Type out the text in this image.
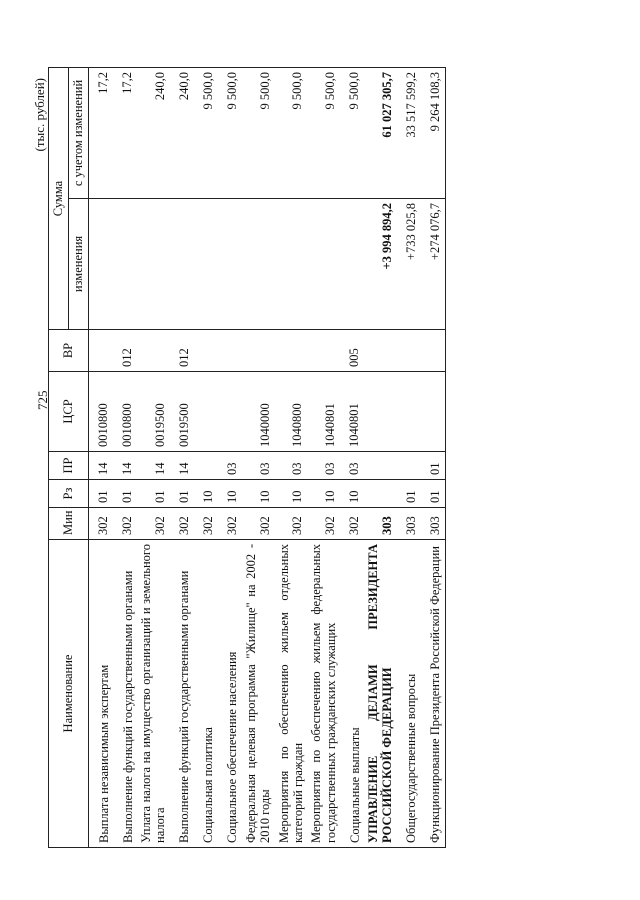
725
(тыс. рублей)
Наименование	Мин	Рз	ПР	ЦСР	ВР	Сумма	
						изменения	с учетом изменений
Выплата независимым экспертам	302	01	14	0010800			17,2
Выполнение функций государственными органами	302	01	14	0010800	012		17,2
Уплата налога на имущество организаций и земельного налога	302	01	14	0019500			240,0
Выполнение функций государственными органами	302	01	14	0019500	012		240,0
Социальная политика	302	10					9 500,0
Социальное обеспечение населения	302	10	03				9 500,0
Федеральная целевая программа "Жилище" на 2002 - 2010 годы	302	10	03	1040000			9 500,0
Мероприятия по обеспечению жильем отдельных категорий граждан	302	10	03	1040800			9 500,0
Мероприятия по обеспечению жильем федеральных государственных гражданских служащих	302	10	03	1040801			9 500,0
Социальные выплаты	302	10	03	1040801	005		9 500,0
УПРАВЛЕНИЕ ДЕЛАМИ ПРЕЗИДЕНТА РОССИЙСКОЙ ФЕДЕРАЦИИ	303					+3 994 894,2	61 027 305,7
Общегосударственные вопросы	303	01				+733 025,8	33 517 599,2
Функционирование Президента Российской Федерации	303	01	01			+274 076,7	9 264 108,3
